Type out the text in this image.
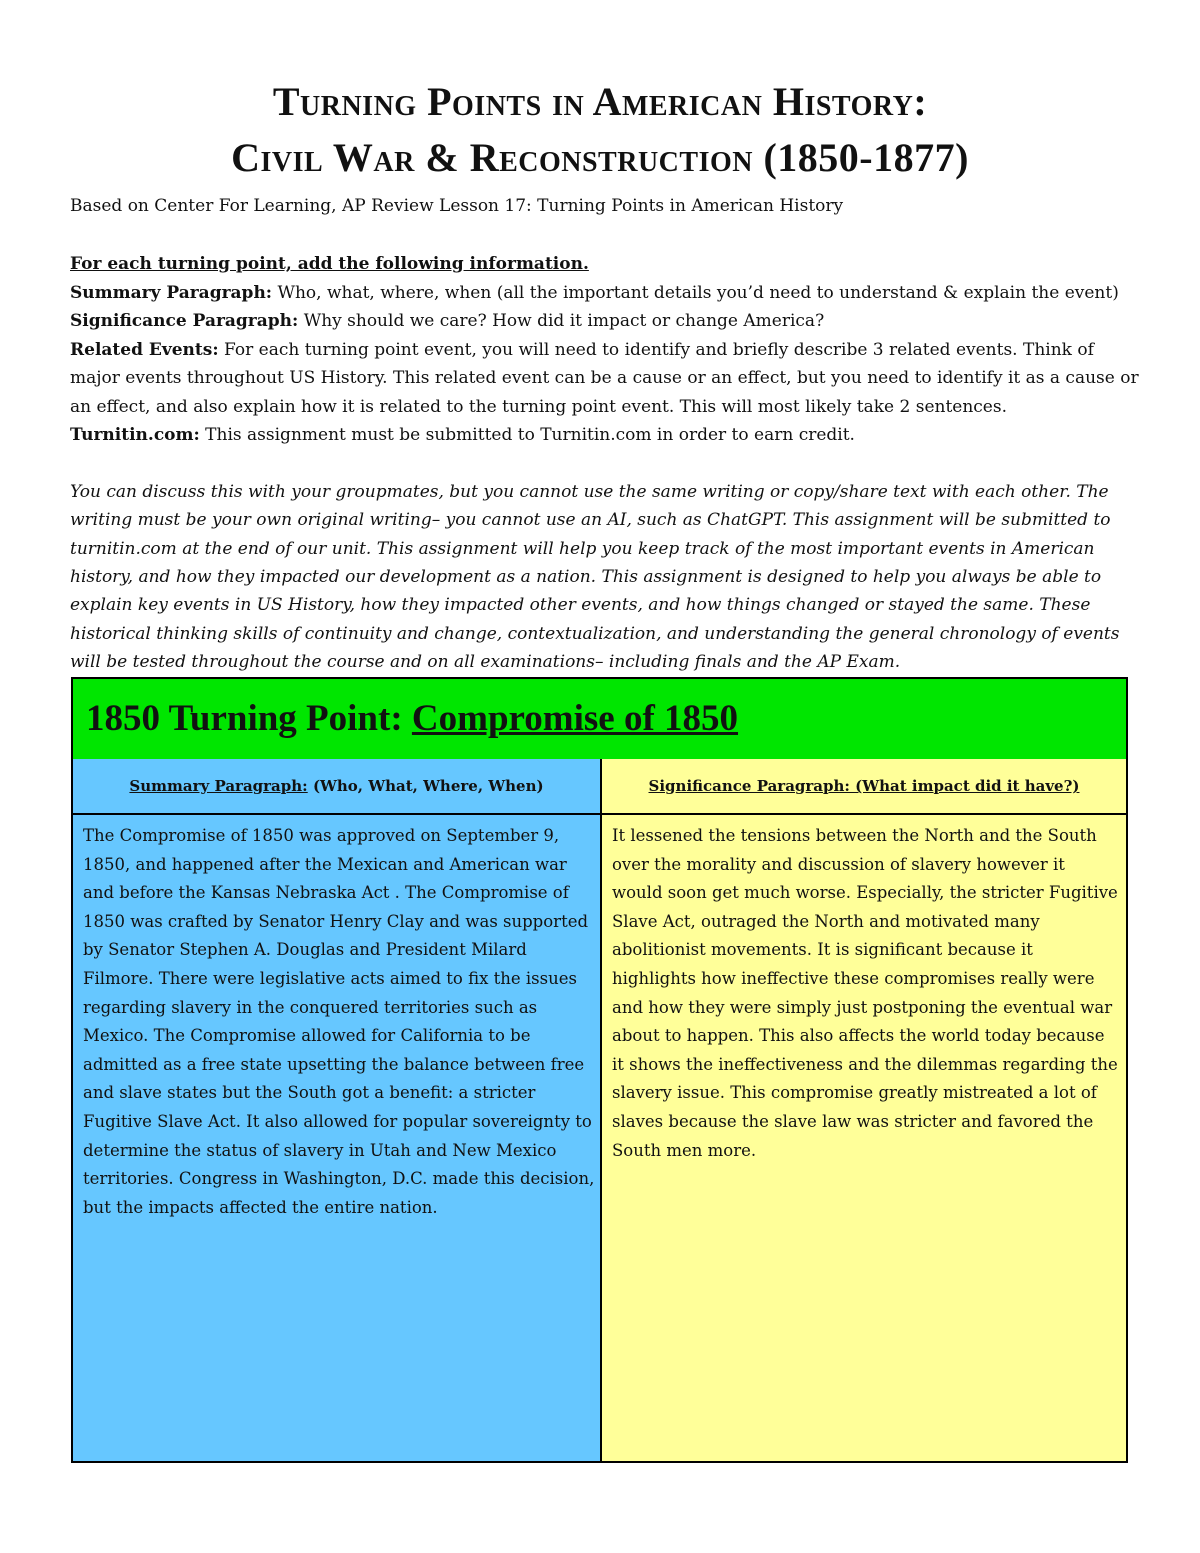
Turning Points in American History:
Civil War & Reconstruction (1850-1877)
Based on Center For Learning, AP Review Lesson 17: Turning Points in American History
For each turning point, add the following information.
Summary Paragraph: Who, what, where, when (all the important details you’d need to understand & explain the event)
Significance Paragraph: Why should we care? How did it impact or change America?
Related Events: For each turning point event, you will need to identify and briefly describe 3 related events. Think of
major events throughout US History. This related event can be a cause or an effect, but you need to identify it as a cause or
an effect, and also explain how it is related to the turning point event. This will most likely take 2 sentences.
Turnitin.com: This assignment must be submitted to Turnitin.com in order to earn credit.
You can discuss this with your groupmates, but you cannot use the same writing or copy/share text with each other. The
writing must be your own original writing– you cannot use an AI, such as ChatGPT. This assignment will be submitted to
turnitin.com at the end of our unit. This assignment will help you keep track of the most important events in American
history, and how they impacted our development as a nation. This assignment is designed to help you always be able to
explain key events in US History, how they impacted other events, and how things changed or stayed the same. These
historical thinking skills of continuity and change, contextualization, and understanding the general chronology of events
will be tested throughout the course and on all examinations– including finals and the AP Exam.
1850 Turning Point: Compromise of 1850
Summary Paragraph: (Who, What, Where, When)
The Compromise of 1850 was approved on September 9, 1850, and happened after the Mexican and American war and before the Kansas Nebraska Act . The Compromise of 1850 was crafted by Senator Henry Clay and was supported by Senator Stephen A. Douglas and President Milard Filmore. There were legislative acts aimed to fix the issues regarding slavery in the conquered territories such as Mexico. The Compromise allowed for California to be admitted as a free state upsetting the balance between free and slave states but the South got a benefit: a stricter Fugitive Slave Act. It also allowed for popular sovereignty to determine the status of slavery in Utah and New Mexico territories. Congress in Washington, D.C. made this decision, but the impacts affected the entire nation.
Significance Paragraph: (What impact did it have?)
It lessened the tensions between the North and the South over the morality and discussion of slavery however it would soon get much worse. Especially, the stricter Fugitive Slave Act, outraged the North and motivated many abolitionist movements. It is significant because it highlights how ineffective these compromises really were and how they were simply just postponing the eventual war about to happen. This also affects the world today because it shows the ineffectiveness and the dilemmas regarding the slavery issue. This compromise greatly mistreated a lot of slaves because the slave law was stricter and favored the South men more.
